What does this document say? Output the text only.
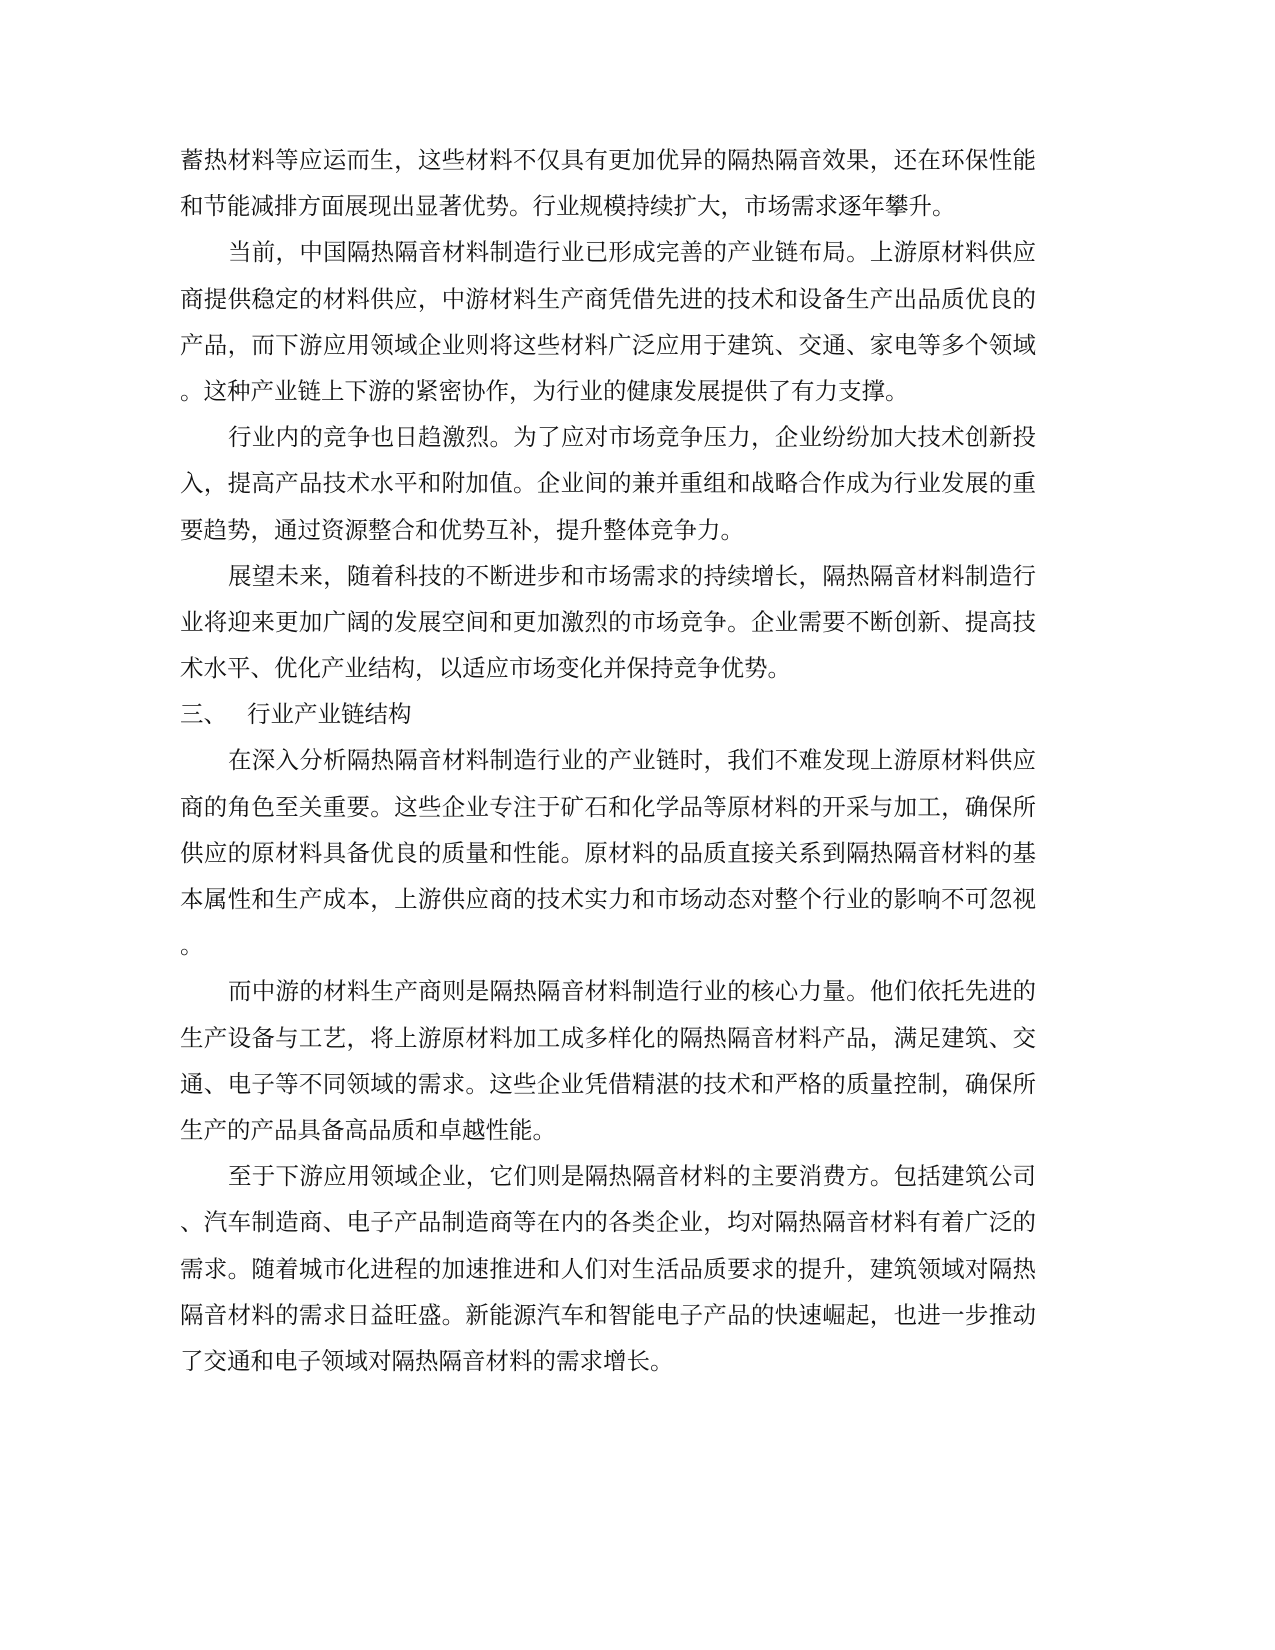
蓄热材料等应运而生，这些材料不仅具有更加优异的隔热隔音效果，还在环保性能
和节能减排方面展现出显著优势。行业规模持续扩大，市场需求逐年攀升。
当前，中国隔热隔音材料制造行业已形成完善的产业链布局。上游原材料供应
商提供稳定的材料供应，中游材料生产商凭借先进的技术和设备生产出品质优良的
产品，而下游应用领域企业则将这些材料广泛应用于建筑、交通、家电等多个领域
。这种产业链上下游的紧密协作，为行业的健康发展提供了有力支撑。
行业内的竞争也日趋激烈。为了应对市场竞争压力，企业纷纷加大技术创新投
入，提高产品技术水平和附加值。企业间的兼并重组和战略合作成为行业发展的重
要趋势，通过资源整合和优势互补，提升整体竞争力。
展望未来，随着科技的不断进步和市场需求的持续增长，隔热隔音材料制造行
业将迎来更加广阔的发展空间和更加激烈的市场竞争。企业需要不断创新、提高技
术水平、优化产业结构，以适应市场变化并保持竞争优势。
三、 行业产业链结构
在深入分析隔热隔音材料制造行业的产业链时，我们不难发现上游原材料供应
商的角色至关重要。这些企业专注于矿石和化学品等原材料的开采与加工，确保所
供应的原材料具备优良的质量和性能。原材料的品质直接关系到隔热隔音材料的基
本属性和生产成本，上游供应商的技术实力和市场动态对整个行业的影响不可忽视
。
而中游的材料生产商则是隔热隔音材料制造行业的核心力量。他们依托先进的
生产设备与工艺，将上游原材料加工成多样化的隔热隔音材料产品，满足建筑、交
通、电子等不同领域的需求。这些企业凭借精湛的技术和严格的质量控制，确保所
生产的产品具备高品质和卓越性能。
至于下游应用领域企业，它们则是隔热隔音材料的主要消费方。包括建筑公司
、汽车制造商、电子产品制造商等在内的各类企业，均对隔热隔音材料有着广泛的
需求。随着城市化进程的加速推进和人们对生活品质要求的提升，建筑领域对隔热
隔音材料的需求日益旺盛。新能源汽车和智能电子产品的快速崛起，也进一步推动
了交通和电子领域对隔热隔音材料的需求增长。
